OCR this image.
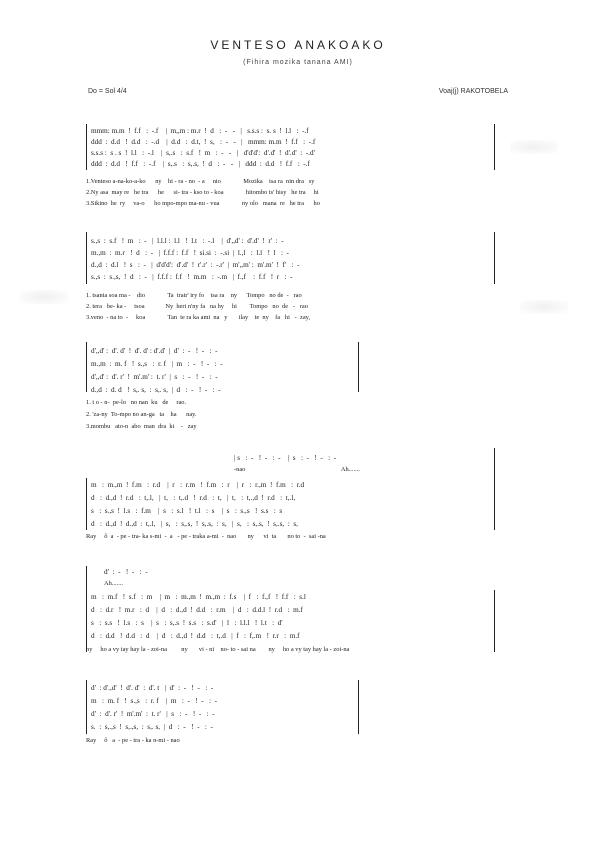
VENTESO ANAKOAKO
(Fihira mozika tanana AMI)
Do = Sol 4/4	Voaj(j) RAKOTOBELA
mmm: m.m  !  f.f   :  -.f    |  m,,m : m.r  !  d   :  -   -   |   s.s.s :  s. s  !  l.l   :  -.f
ddd  :  d.d   !  d.d   :  -.d    |  d.d   :  d.t,  !  s,   :  -   -   |   mmm: m.m  !  f.f   :  -.f
s.s.s :  s . s  !  l.l   :  -.l    |  s,.s   :  s.f   !  m   :  -   -   |   d'd'd':  d'.d'  !  d'.d'  :  -.d'
ddd  :  d.d   !  f.f   :  -.f    |  s,.s   :  s,.s,  !  d   :  -   -   |   ddd  :  d.d   !  f.f   :  -.f
1.Venteso a-na-ko-a-ko      ny    hi - ra - no  - a     nio              Mozika    tsa ra  nin dra   sy
2.Ny asa  may re   he tra      he      si- tra - kso to - koa              hitombo ts' hisy   he tra     hi
3.Sikino  he  ry     va-o      ho mpo-mpo ma-nu - vua              ny olo   mana  re   he tra      ho
s.,s  :  s.f   !  m   :  -   |  l.l.l :  l.l   !  l.t   :  -.l    |  d',,d' :  d'.d'  !  r'  :  -
m.,m  :  m.r   !  d   :  -   |  f.f.f :  f.f   !  si.si  :  -.si  |  l.,l   :  l.l   !  l   :  -
d.,d  :  d.l   !  s   :  -   |  d'd'd':  d'.d'  !  r'.r'  :  -.r'  |  m',,m' :  m'.m'  !  f'   :  -
s.,s  :  s.,s,  !  d   :  -   |  f.f.f :  f.f   !  m.m   :  -.m   |  f.,f    :  f.f   !  r   :  -
1. tsanta soa ma -    dio              Ta  tratr' iry fo    tsa ra    ny      Tompo   no de  -   rao
2. tera   be- ka -     tsoa             Ny  heri n'ny fa   na hy     hi        Tompo   no  de   -   rao
3.veno  - na to  -     koa              Tan  te ra ka ami  na   y       ilay    te  ny    fa   hi   -  zay,
d',,d' :  d'. d'  !  d'. d' : d'.d'  |  d'  :  -   !  -   :  -
m.,m  :  m. f   !  s.,s   :  r. f   |  m   :  -   !  -   :  -
d',,d' :  d'. r'  !  m'.m' :  t. r'  |  s   :  -   !  -   :  -
d.,d  :  d. d   !  s,. s,  :  s,. s,  |  d   :  -   !  -   :  -
1. t o - n-  pe-lo   no nan  ku   de     rao.
2. 'za-ny  To-mpo no an-ga   ta    ha      nay.
3.mombu   ato-n  abo  man  dra  ki    -   zay
| s   :  -   !  -   :  -    |  s   :  -   !  -   :  -
-nao                                                            Ah.......
m   :  m.,m  !  f.m   :  r.d    |  r   :  r.m   !  f.m   :  r    |  r   :  r.,m  !  f.m   :  r.d
d   :  d.,d  !  r.d   :  t,.l,   |  t,   :  t,.d   !  r.d   :  t,   |  t,   :  t,.,d  !  r.d   :  t,.l,
s   :  s.,s  !  l.s   :  f.m    |  s   :  s.l   !  t.l   :  s    |  s   :  s.,s   !  s.s   :  s
d   :  d.,d  !  d.,d  :  t,.l,   |  s,   :  s,.s,  !  s,.s,  :  s,   |  s,   :  s,.s,  !  s,.s,  :  s,
Ray     ô  a  - pe - tra- ka s-mi  -  a   - pe - traka a-mi  -  nao       ny      vi  ta       no to  -  sai -na
d'  :  -   !  -   :  -
Ah.......
m   :  m.f   !  s.f   :  m    |  m   :  m.,m  !  m.,m  :  f.s    |  f   :  f.,f   !  f.f   :  s.l
d   :  d.r   !  m.r   :  d    |  d   :  d.,d  !  d.d   :  r.m    |  d   :  d.d.l  !  r.d   :  m.f
s   :  s.s   !  l.s   :  s    |  s   :  s,.s  !  s.s   :  s.d'   |  l   :  l.l.l   !  l.t   :  d'
d   :  d.d   !  d.d   :  d    |  d   :  d.,d  !  d.d   :  t,.d   |  f   :  f,.m   !  r.r   :  m.f
ny     ho a vy tay hay la - zoi-na         ny       vi - ni    no- to - sai na        ny     ho a vy tay hay la - zoi-na
d'  : d'.,d'  !  d'. d'  :  d'. t   |  d'  :  -   !  -   :  -
m   :  m. f   !  s.,s   :  r. f    |  m   :  -   !  -   :  -
d'  :  d'. r'  !  m'.m'  :  t. r'   |  s   :  -   !  -   :  -
s.  :  s,.,s  !  s,.,s,  :  s,. s,  |  d   :  -   !  -   :  -
Ray     ô   a  - pe - tra - ka n-mi - nao
